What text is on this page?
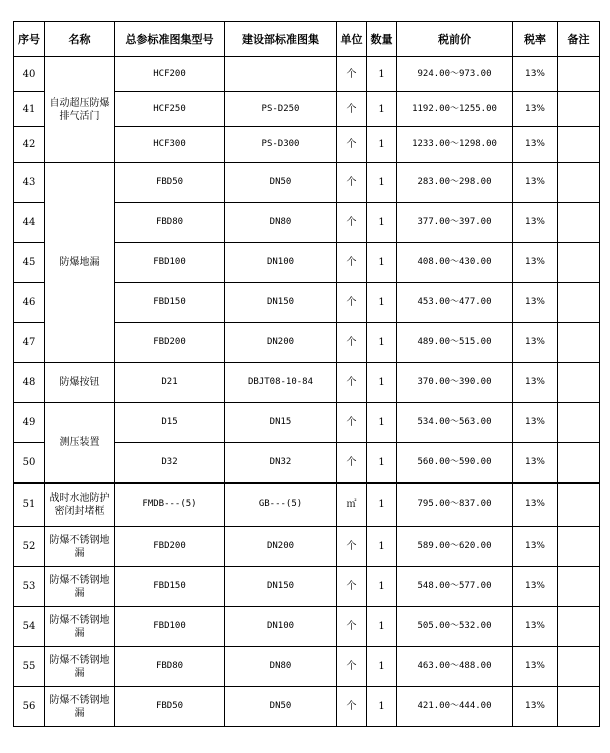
序号	名称	总参标准图集型号	建设部标准图集	单位	数量	税前价	税率	备注
40	自动超压防爆排气活门	HCF200		个	1	924.00～973.00	13%	
41		HCF250	PS-D250	个	1	1192.00～1255.00	13%	
42		HCF300	PS-D300	个	1	1233.00～1298.00	13%	
43	防爆地漏	FBD50	DN50	个	1	283.00～298.00	13%	
44		FBD80	DN80	个	1	377.00～397.00	13%	
45		FBD100	DN100	个	1	408.00～430.00	13%	
46		FBD150	DN150	个	1	453.00～477.00	13%	
47		FBD200	DN200	个	1	489.00～515.00	13%	
48	防爆按钮	D21	DBJT08-10-84	个	1	370.00～390.00	13%	
49	测压装置	D15	DN15	个	1	534.00～563.00	13%	
50		D32	DN32	个	1	560.00～590.00	13%	
51	战时水池防护密闭封堵框	FMDB---(5)	GB---(5)	㎡	1	795.00～837.00	13%	
52	防爆不锈钢地漏	FBD200	DN200	个	1	589.00～620.00	13%	
53	防爆不锈钢地漏	FBD150	DN150	个	1	548.00～577.00	13%	
54	防爆不锈钢地漏	FBD100	DN100	个	1	505.00～532.00	13%	
55	防爆不锈钢地漏	FBD80	DN80	个	1	463.00～488.00	13%	
56	防爆不锈钢地漏	FBD50	DN50	个	1	421.00～444.00	13%	
